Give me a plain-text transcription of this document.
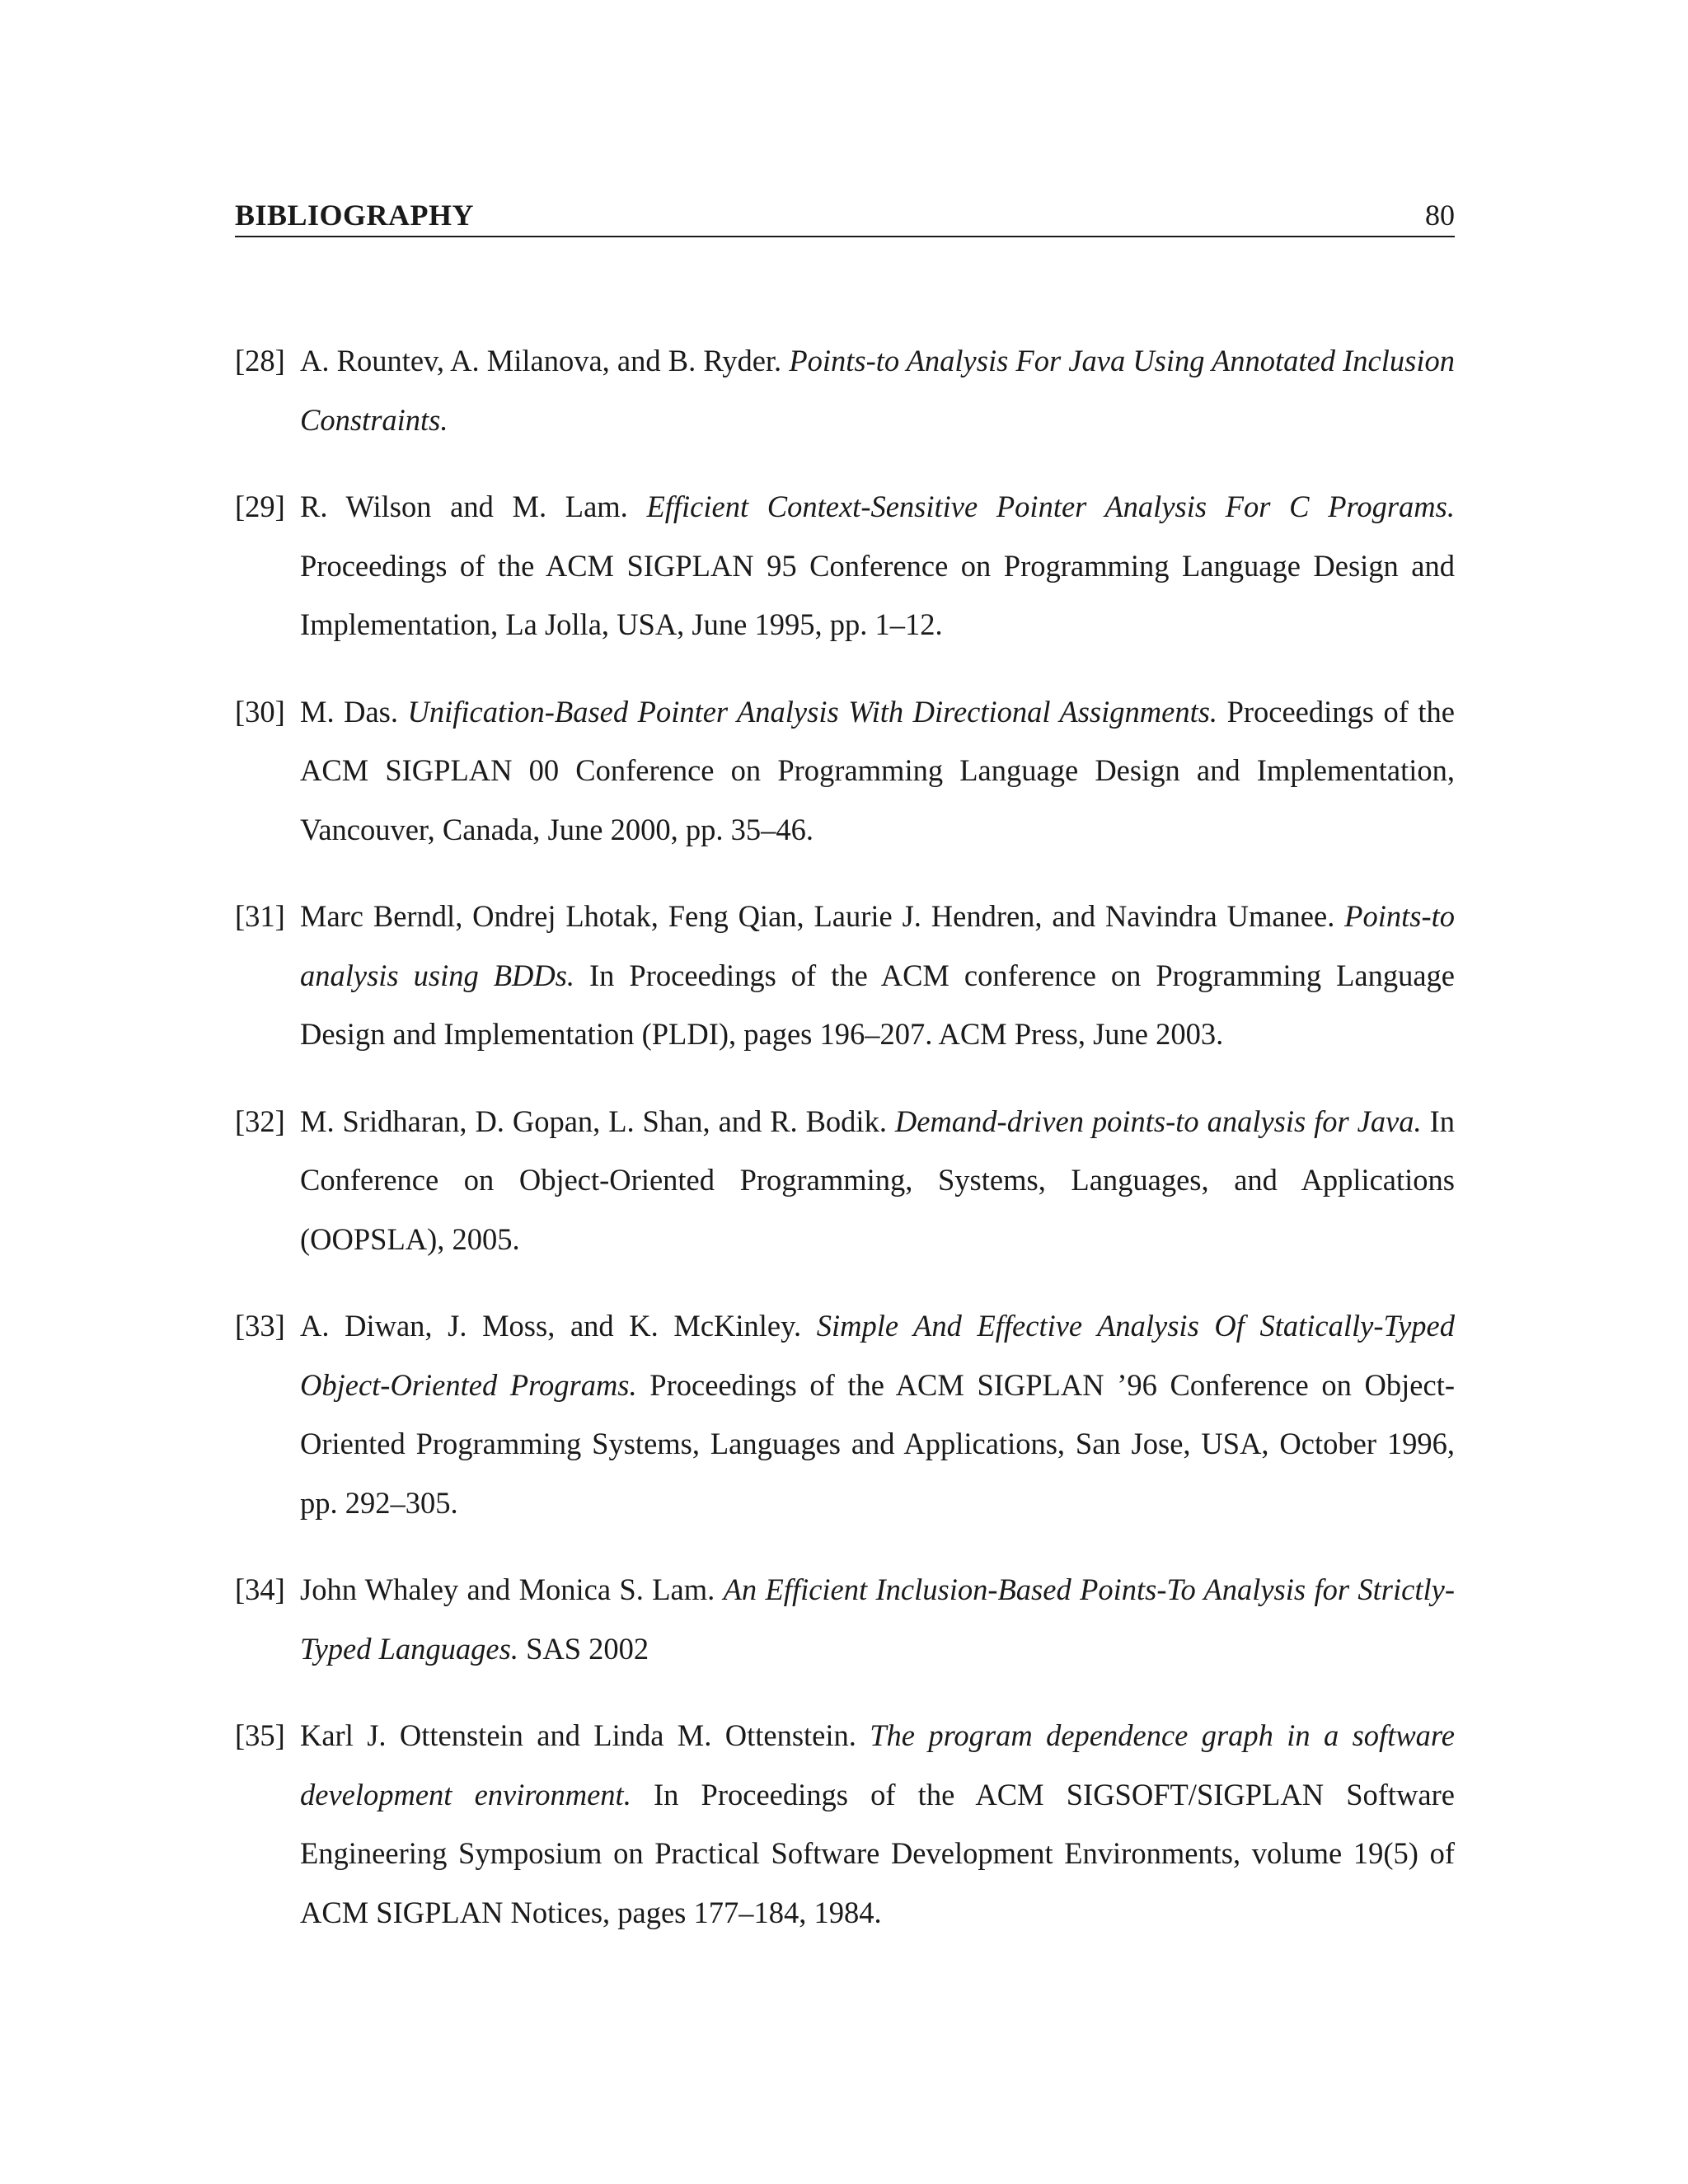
BIBLIOGRAPHY	80
[28] A. Rountev, A. Milanova, and B. Ryder. Points-to Analysis For Java Using Annotated Inclusion Constraints.
[29] R. Wilson and M. Lam. Efficient Context-Sensitive Pointer Analysis For C Programs. Proceedings of the ACM SIGPLAN 95 Conference on Programming Language Design and Implementation, La Jolla, USA, June 1995, pp. 1–12.
[30] M. Das. Unification-Based Pointer Analysis With Directional Assignments. Proceedings of the ACM SIGPLAN 00 Conference on Programming Language Design and Implementation, Vancouver, Canada, June 2000, pp. 35–46.
[31] Marc Berndl, Ondrej Lhotak, Feng Qian, Laurie J. Hendren, and Navindra Umanee. Points-to analysis using BDDs. In Proceedings of the ACM conference on Programming Language Design and Implementation (PLDI), pages 196–207. ACM Press, June 2003.
[32] M. Sridharan, D. Gopan, L. Shan, and R. Bodik. Demand-driven points-to analysis for Java. In Conference on Object-Oriented Programming, Systems, Languages, and Applications (OOPSLA), 2005.
[33] A. Diwan, J. Moss, and K. McKinley. Simple And Effective Analysis Of Statically-Typed Object-Oriented Programs. Proceedings of the ACM SIGPLAN ’96 Conference on Object-Oriented Programming Systems, Languages and Applications, San Jose, USA, October 1996, pp. 292–305.
[34] John Whaley and Monica S. Lam. An Efficient Inclusion-Based Points-To Analysis for Strictly-Typed Languages. SAS 2002
[35] Karl J. Ottenstein and Linda M. Ottenstein. The program dependence graph in a software development environment. In Proceedings of the ACM SIGSOFT/SIGPLAN Software Engineering Symposium on Practical Software Development Environments, volume 19(5) of ACM SIGPLAN Notices, pages 177–184, 1984.
